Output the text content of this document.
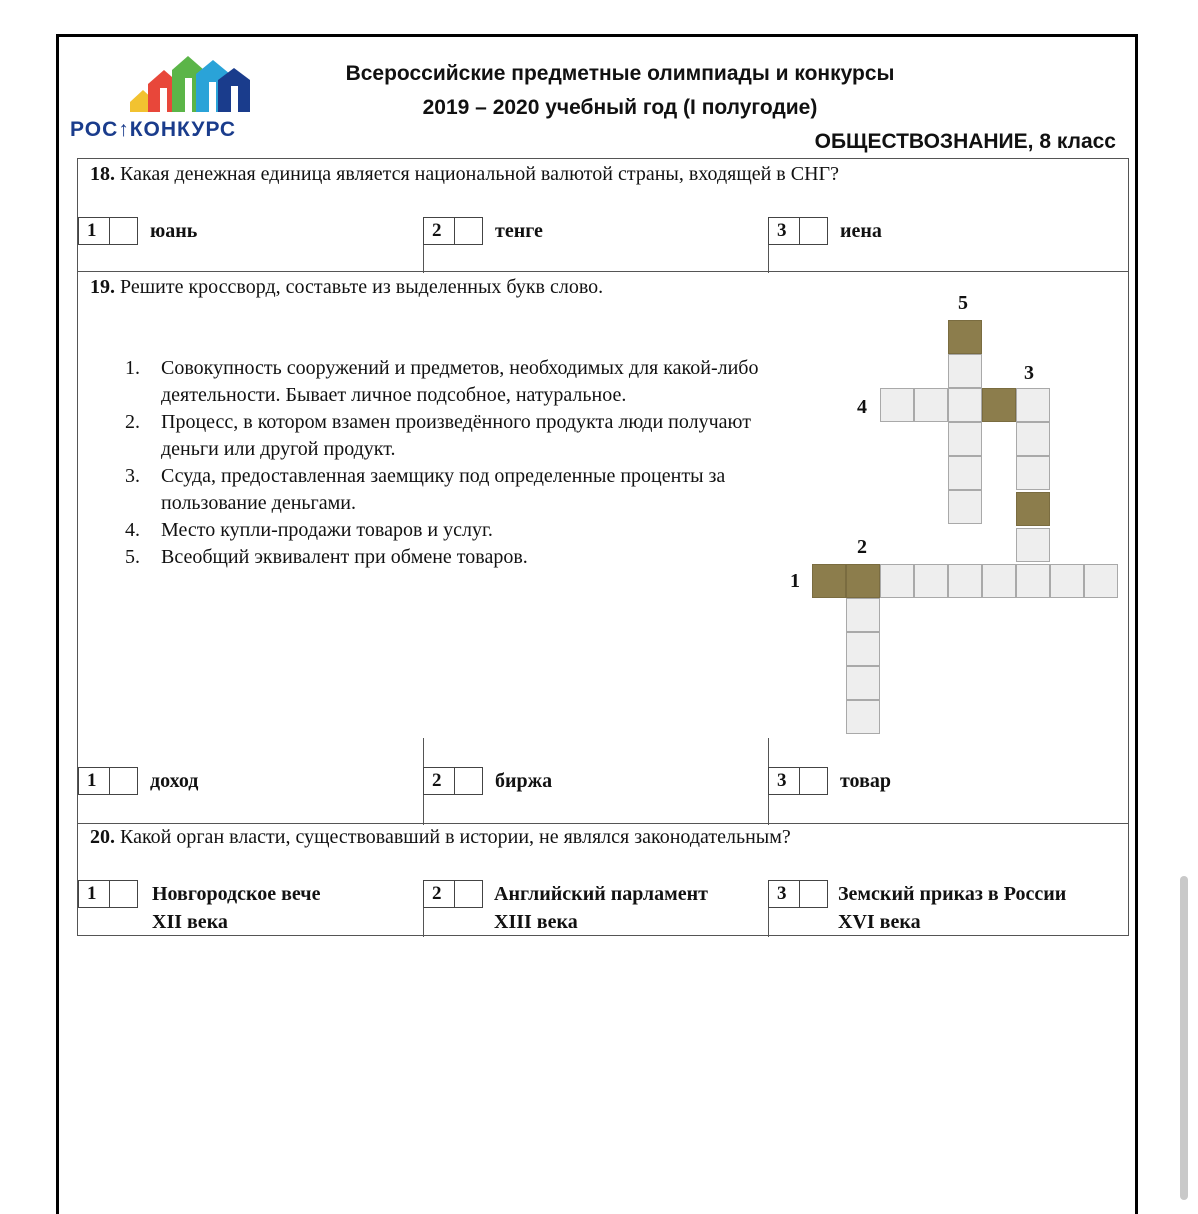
РОС↑КОНКУРС
Всероссийские предметные олимпиады и конкурсы
2019 – 2020 учебный год (I полугодие)
ОБЩЕСТВОЗНАНИЕ, 8 класс
18. Какая денежная единица является национальной валютой страны, входящей в СНГ?
1	юань	2	тенге	3	иена
19. Решите кроссворд, составьте из выделенных букв слово.
1	доход	2	биржа	3	товар
1. Совокупность сооружений и предметов, необходимых для какой-либо деятельности. Бывает личное подсобное, натуральное.
2. Процесс, в котором взамен произведённого продукта люди получают деньги или другой продукт.
3. Ссуда, предоставленная заемщику под определенные проценты за пользование деньгами.
4. Место купли-продажи товаров и услуг.
5. Всеобщий эквивалент при обмене товаров.
5
3
4
2
1
20. Какой орган власти, существовавший в истории, не являлся законодательным?
1	Новгородское вече
XII века
2	Английский парламент
XIII века
3	Земский приказ в России
XVI века
